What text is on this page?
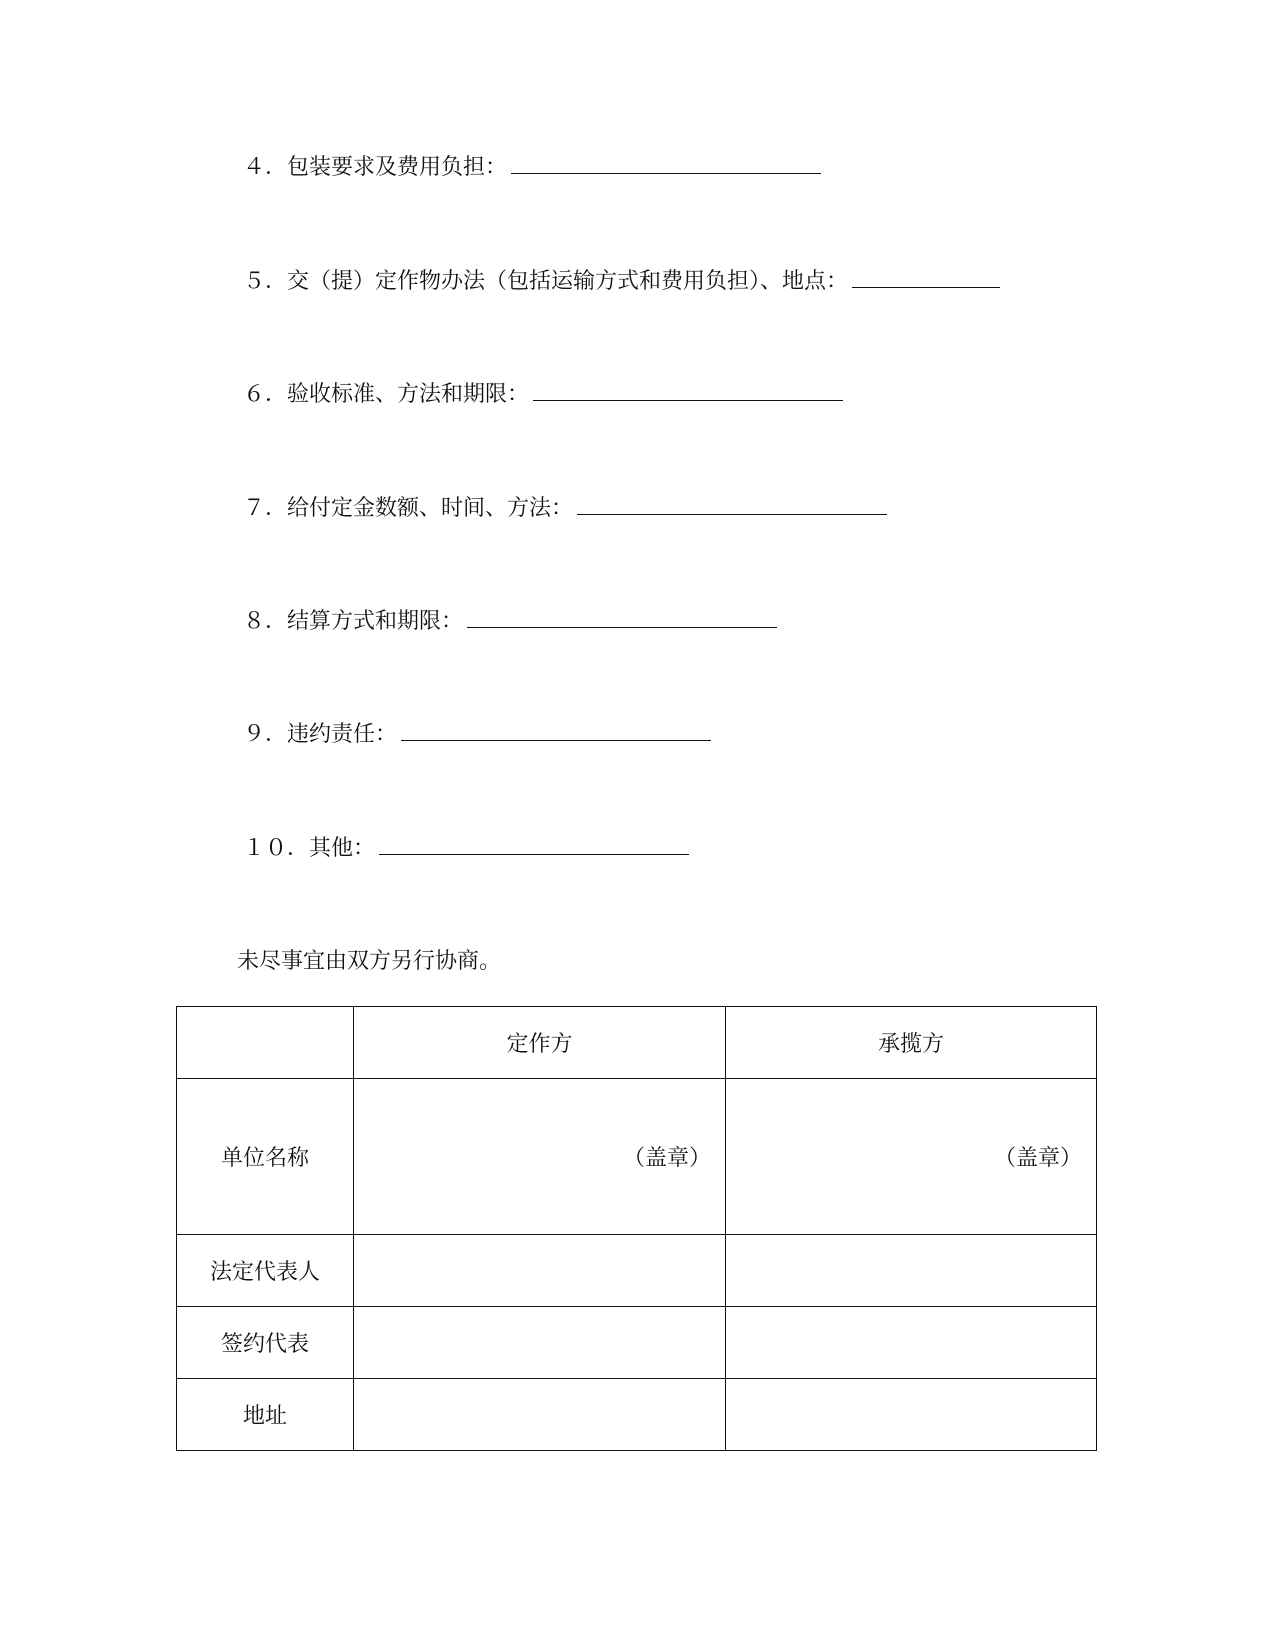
４． 包装要求及费用负担：
５． 交（提）定作物办法（包括运输方式和费用负担）、地点：
６． 验收标准、方法和期限：
７． 给付定金数额、时间、方法：
８． 结算方式和期限：
９． 违约责任：
１０． 其他：
未尽事宜由双方另行协商。
	定作方	承揽方
单位名称	（盖章）	（盖章）
法定代表人		
签约代表		
地址		
